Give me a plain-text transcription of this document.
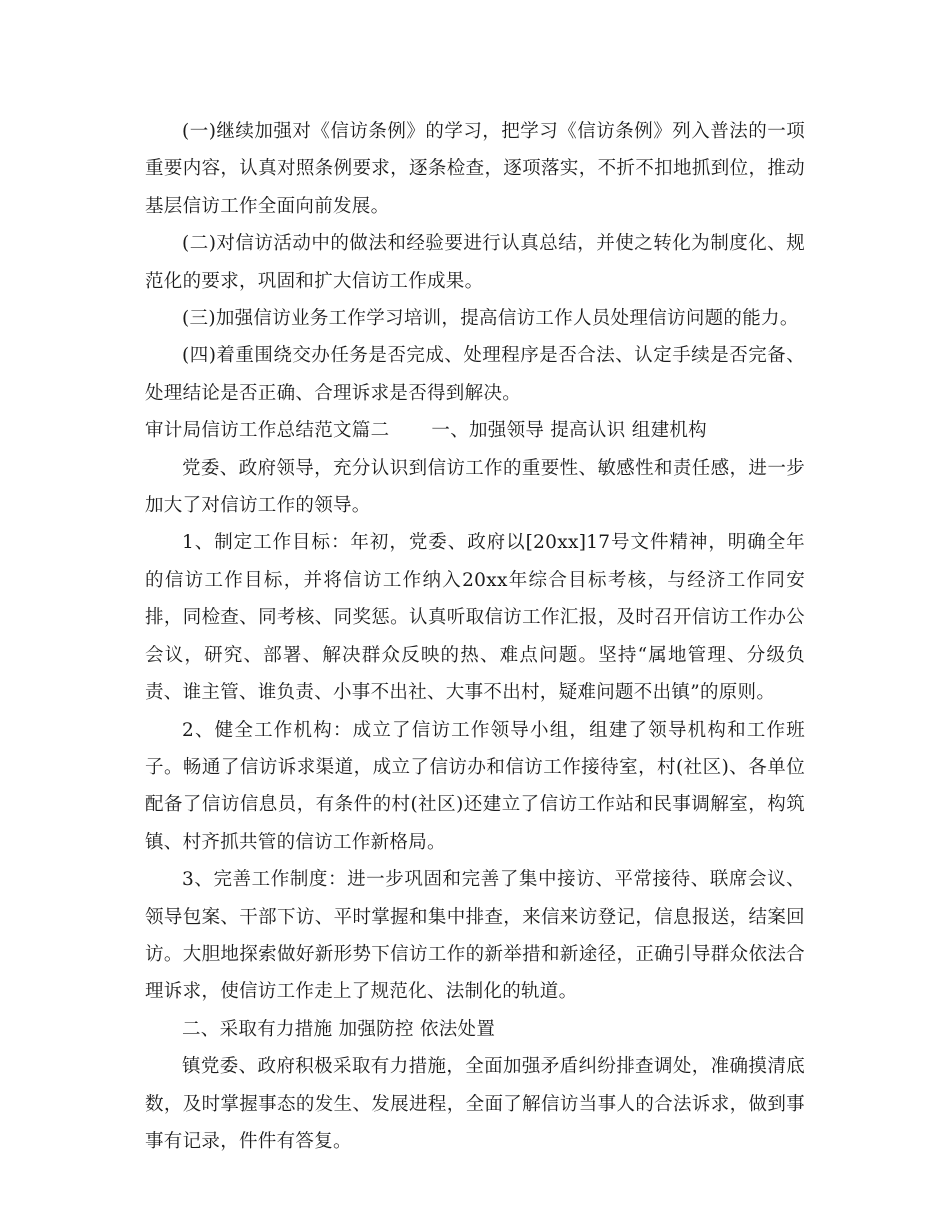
(一)继续加强对《信访条例》的学习，把学习《信访条例》列入普法的一项重要内容，认真对照条例要求，逐条检查，逐项落实，不折不扣地抓到位，推动基层信访工作全面向前发展。

(二)对信访活动中的做法和经验要进行认真总结，并使之转化为制度化、规范化的要求，巩固和扩大信访工作成果。

(三)加强信访业务工作学习培训，提高信访工作人员处理信访问题的能力。

(四)着重围绕交办任务是否完成、处理程序是否合法、认定手续是否完备、处理结论是否正确、合理诉求是否得到解决。

审计局信访工作总结范文篇二 一、加强领导 提高认识 组建机构

党委、政府领导，充分认识到信访工作的重要性、敏感性和责任感，进一步加大了对信访工作的领导。

1、制定工作目标：年初，党委、政府以[20xx]17号文件精神，明确全年的信访工作目标，并将信访工作纳入20xx年综合目标考核，与经济工作同安排，同检查、同考核、同奖惩。认真听取信访工作汇报，及时召开信访工作办公会议，研究、部署、解决群众反映的热、难点问题。坚持“属地管理、分级负责、谁主管、谁负责、小事不出社、大事不出村，疑难问题不出镇”的原则。

2、健全工作机构：成立了信访工作领导小组，组建了领导机构和工作班子。畅通了信访诉求渠道，成立了信访办和信访工作接待室，村(社区)、各单位配备了信访信息员，有条件的村(社区)还建立了信访工作站和民事调解室，构筑镇、村齐抓共管的信访工作新格局。

3、完善工作制度：进一步巩固和完善了集中接访、平常接待、联席会议、领导包案、干部下访、平时掌握和集中排查，来信来访登记，信息报送，结案回访。大胆地探索做好新形势下信访工作的新举措和新途径，正确引导群众依法合理诉求，使信访工作走上了规范化、法制化的轨道。

二、采取有力措施 加强防控 依法处置

镇党委、政府积极采取有力措施，全面加强矛盾纠纷排查调处，准确摸清底数，及时掌握事态的发生、发展进程，全面了解信访当事人的合法诉求，做到事事有记录，件件有答复。
